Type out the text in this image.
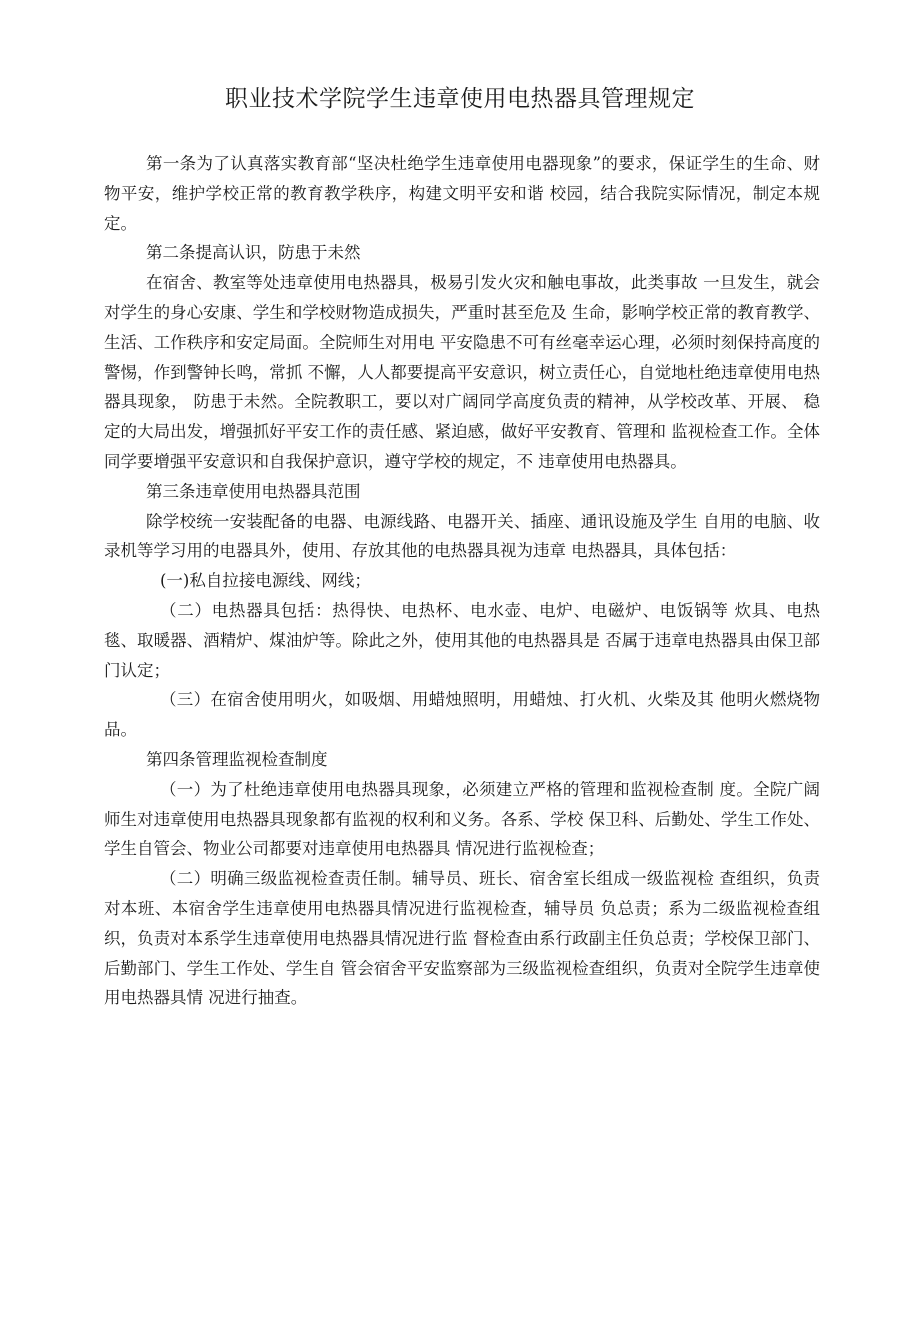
职业技术学院学生违章使用电热器具管理规定

第一条为了认真落实教育部“坚决杜绝学生违章使用电器现象”的要求，保证学生的生命、财物平安，维护学校正常的教育教学秩序，构建文明平安和谐 校园，结合我院实际情况，制定本规定。

第二条提高认识，防患于未然

在宿舍、教室等处违章使用电热器具，极易引发火灾和触电事故，此类事故 一旦发生，就会对学生的身心安康、学生和学校财物造成损失，严重时甚至危及 生命，影响学校正常的教育教学、生活、工作秩序和安定局面。全院师生对用电 平安隐患不可有丝毫幸运心理，必须时刻保持高度的警惕，作到警钟长鸣，常抓 不懈，人人都要提高平安意识，树立责任心，自觉地杜绝违章使用电热器具现象， 防患于未然。全院教职工，要以对广阔同学高度负责的精神，从学校改革、开展、 稳定的大局出发，增强抓好平安工作的责任感、紧迫感，做好平安教育、管理和 监视检查工作。全体同学要增强平安意识和自我保护意识，遵守学校的规定，不 违章使用电热器具。

第三条违章使用电热器具范围

除学校统一安装配备的电器、电源线路、电器开关、插座、通讯设施及学生 自用的电脑、收录机等学习用的电器具外，使用、存放其他的电热器具视为违章 电热器具，具体包括：

(一)私自拉接电源线、网线；

（二）电热器具包括：热得快、电热杯、电水壶、电炉、电磁炉、电饭锅等 炊具、电热毯、取暖器、酒精炉、煤油炉等。除此之外，使用其他的电热器具是 否属于违章电热器具由保卫部门认定；

（三）在宿舍使用明火，如吸烟、用蜡烛照明，用蜡烛、打火机、火柴及其 他明火燃烧物品。

第四条管理监视检查制度

（一）为了杜绝违章使用电热器具现象，必须建立严格的管理和监视检查制 度。全院广阔师生对违章使用电热器具现象都有监视的权利和义务。各系、学校 保卫科、后勤处、学生工作处、学生自管会、物业公司都要对违章使用电热器具 情况进行监视检查；

（二）明确三级监视检查责任制。辅导员、班长、宿舍室长组成一级监视检 查组织，负责对本班、本宿舍学生违章使用电热器具情况进行监视检查，辅导员 负总责；系为二级监视检查组织，负责对本系学生违章使用电热器具情况进行监 督检查由系行政副主任负总责；学校保卫部门、后勤部门、学生工作处、学生自 管会宿舍平安监察部为三级监视检查组织，负责对全院学生违章使用电热器具情 况进行抽查。
